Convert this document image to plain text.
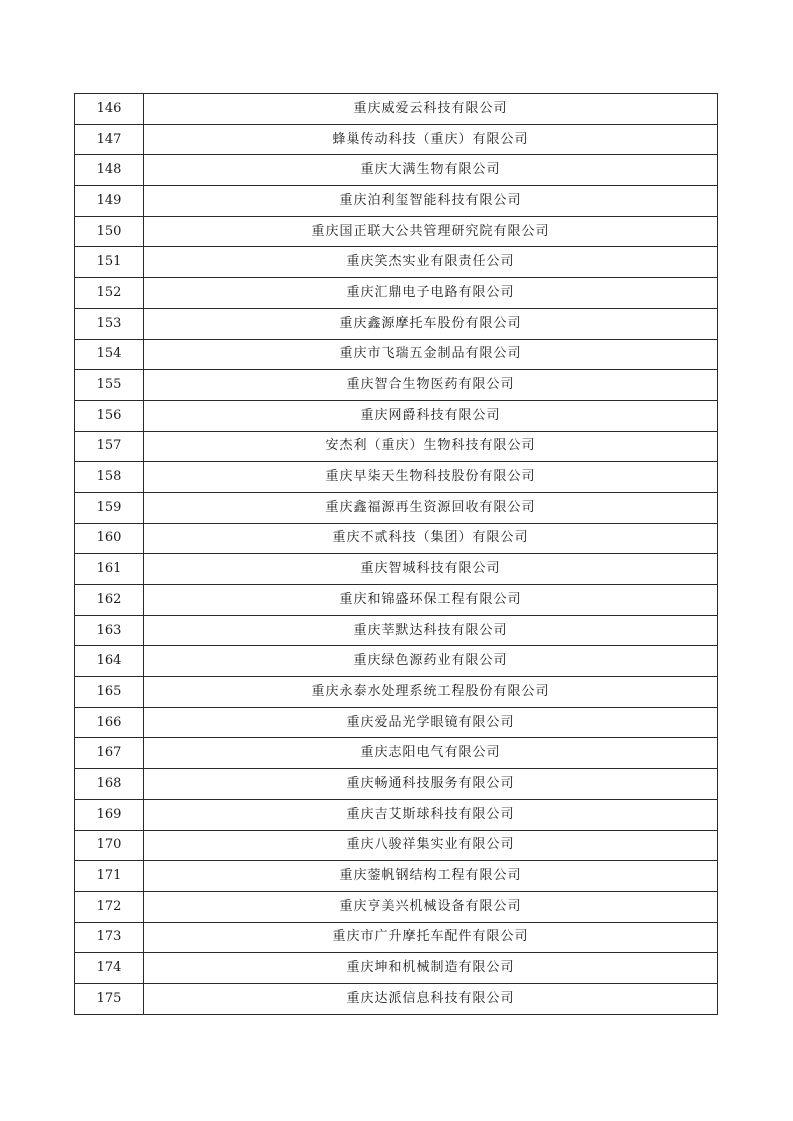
146	重庆威爱云科技有限公司
147	蜂巢传动科技（重庆）有限公司
148	重庆大满生物有限公司
149	重庆泊利玺智能科技有限公司
150	重庆国正联大公共管理研究院有限公司
151	重庆笑杰实业有限责任公司
152	重庆汇鼎电子电路有限公司
153	重庆鑫源摩托车股份有限公司
154	重庆市飞瑞五金制品有限公司
155	重庆智合生物医药有限公司
156	重庆网爵科技有限公司
157	安杰利（重庆）生物科技有限公司
158	重庆早柒天生物科技股份有限公司
159	重庆鑫福源再生资源回收有限公司
160	重庆不贰科技（集团）有限公司
161	重庆智城科技有限公司
162	重庆和锦盛环保工程有限公司
163	重庆莘默达科技有限公司
164	重庆绿色源药业有限公司
165	重庆永泰水处理系统工程股份有限公司
166	重庆爱品光学眼镜有限公司
167	重庆志阳电气有限公司
168	重庆畅通科技服务有限公司
169	重庆吉艾斯球科技有限公司
170	重庆八骏祥集实业有限公司
171	重庆蓥帆钢结构工程有限公司
172	重庆亨美兴机械设备有限公司
173	重庆市广升摩托车配件有限公司
174	重庆坤和机械制造有限公司
175	重庆达派信息科技有限公司
